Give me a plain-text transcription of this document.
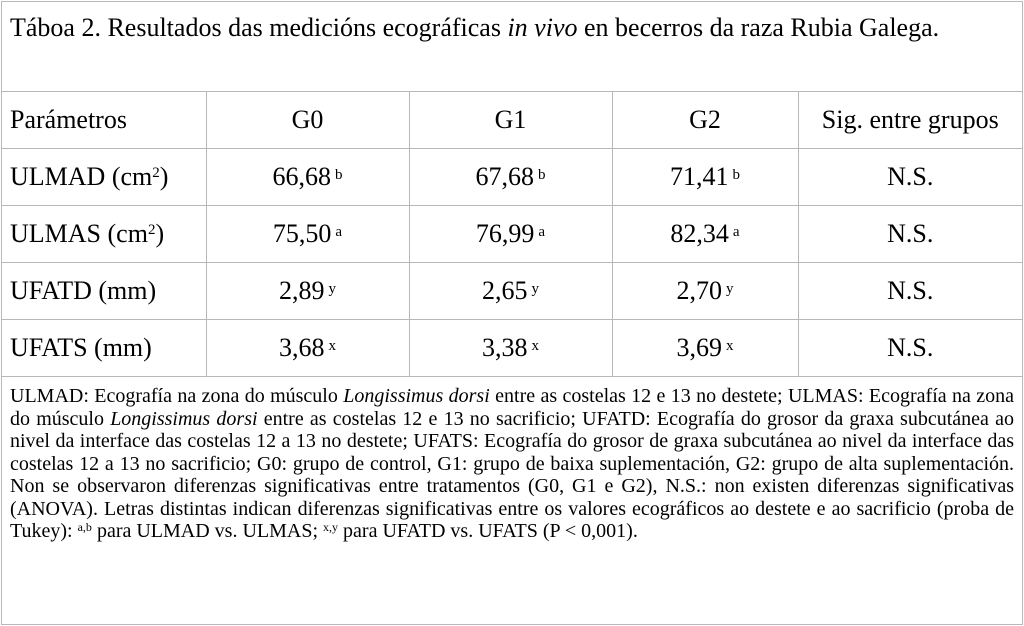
Táboa 2. Resultados das medicións ecográficas in vivo en becerros da raza Rubia Galega.
Parámetros	G0	G1	G2	Sig. entre grupos
ULMAD $(cm^2)$	66,68 $^b$	67,68 $^b$	71,41 $^b$	N.S.
ULMAS $(cm^2)$	75,50 $^a$	76,99 $^a$	82,34 $^a$	N.S.
UFATD (mm)	2,89 $^y$	2,65 $^y$	2,70 $^y$	N.S.
UFATS (mm)	3,68 $^x$	3,38 $^x$	3,69 $^x$	N.S.
ULMAD: Ecografía na zona do músculo Longissimus dorsi entre as costelas 12 e 13 no destete; ULMAS: Ecografía na zona do músculo Longissimus dorsi entre as costelas 12 e 13 no sacrificio; UFATD: Ecografía do grosor da graxa subcutánea ao nivel da interface das costelas 12 a 13 no destete; UFATS: Ecografía do grosor de graxa subcutánea ao nivel da interface das costelas 12 a 13 no sacrificio; G0: grupo de control, G1: grupo de baixa suplementación, G2: grupo de alta suplementación. Non se observaron diferenzas significativas entre tratamentos (G0, G1 e G2), N.S.: non existen diferenzas significativas (ANOVA). Letras distintas indican diferenzas significativas entre os valores ecográficos ao destete e ao sacrificio (proba de Tukey): $^{a,b}$ para ULMAD vs. ULMAS; $^{x,y}$ para UFATD vs. UFATS (P < 0,001).
